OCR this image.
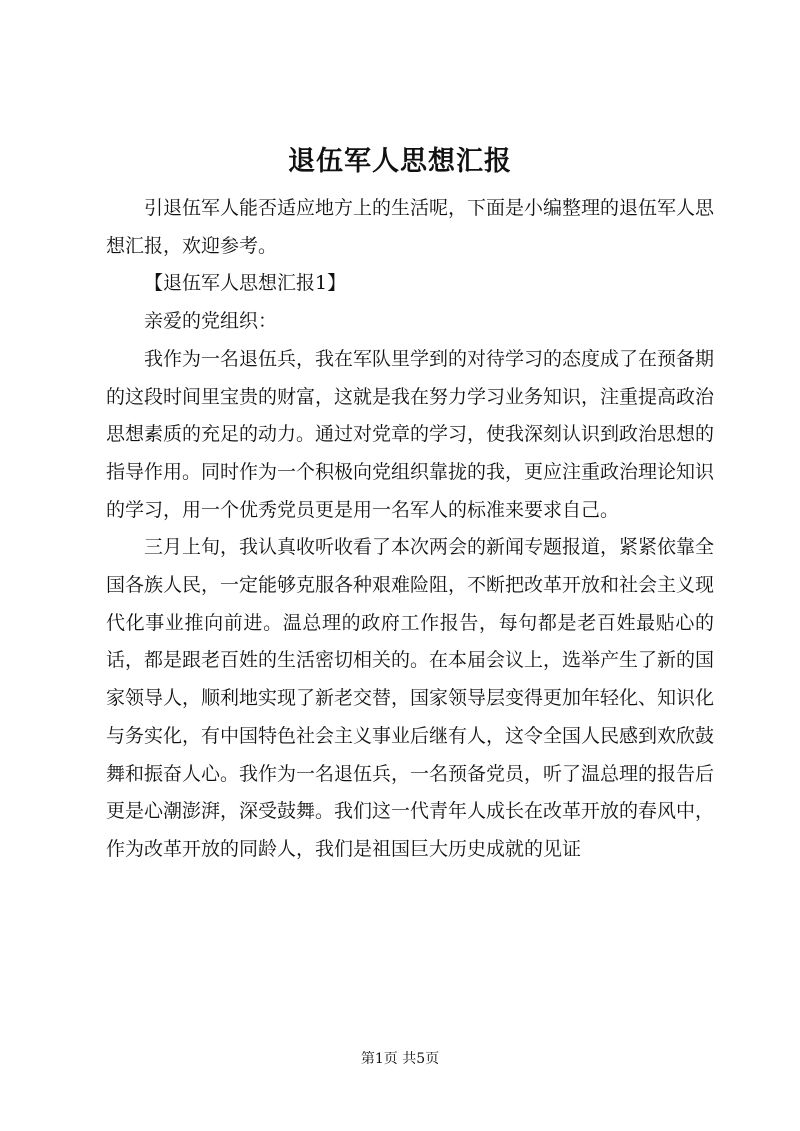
退伍军人思想汇报

引退伍军人能否适应地方上的生活呢，下面是小编整理的退伍军人思想汇报，欢迎参考。

【退伍军人思想汇报1】

亲爱的党组织：

我作为一名退伍兵，我在军队里学到的对待学习的态度成了在预备期的这段时间里宝贵的财富，这就是我在努力学习业务知识，注重提高政治思想素质的充足的动力。通过对党章的学习，使我深刻认识到政治思想的指导作用。同时作为一个积极向党组织靠拢的我，更应注重政治理论知识的学习，用一个优秀党员更是用一名军人的标准来要求自己。

三月上旬，我认真收听收看了本次两会的新闻专题报道，紧紧依靠全国各族人民，一定能够克服各种艰难险阻，不断把改革开放和社会主义现代化事业推向前进。温总理的政府工作报告，每句都是老百姓最贴心的话，都是跟老百姓的生活密切相关的。在本届会议上，选举产生了新的国家领导人，顺利地实现了新老交替，国家领导层变得更加年轻化、知识化与务实化，有中国特色社会主义事业后继有人，这令全国人民感到欢欣鼓舞和振奋人心。我作为一名退伍兵，一名预备党员，听了温总理的报告后更是心潮澎湃，深受鼓舞。我们这一代青年人成长在改革开放的春风中，作为改革开放的同龄人，我们是祖国巨大历史成就的见证

第1页 共5页
